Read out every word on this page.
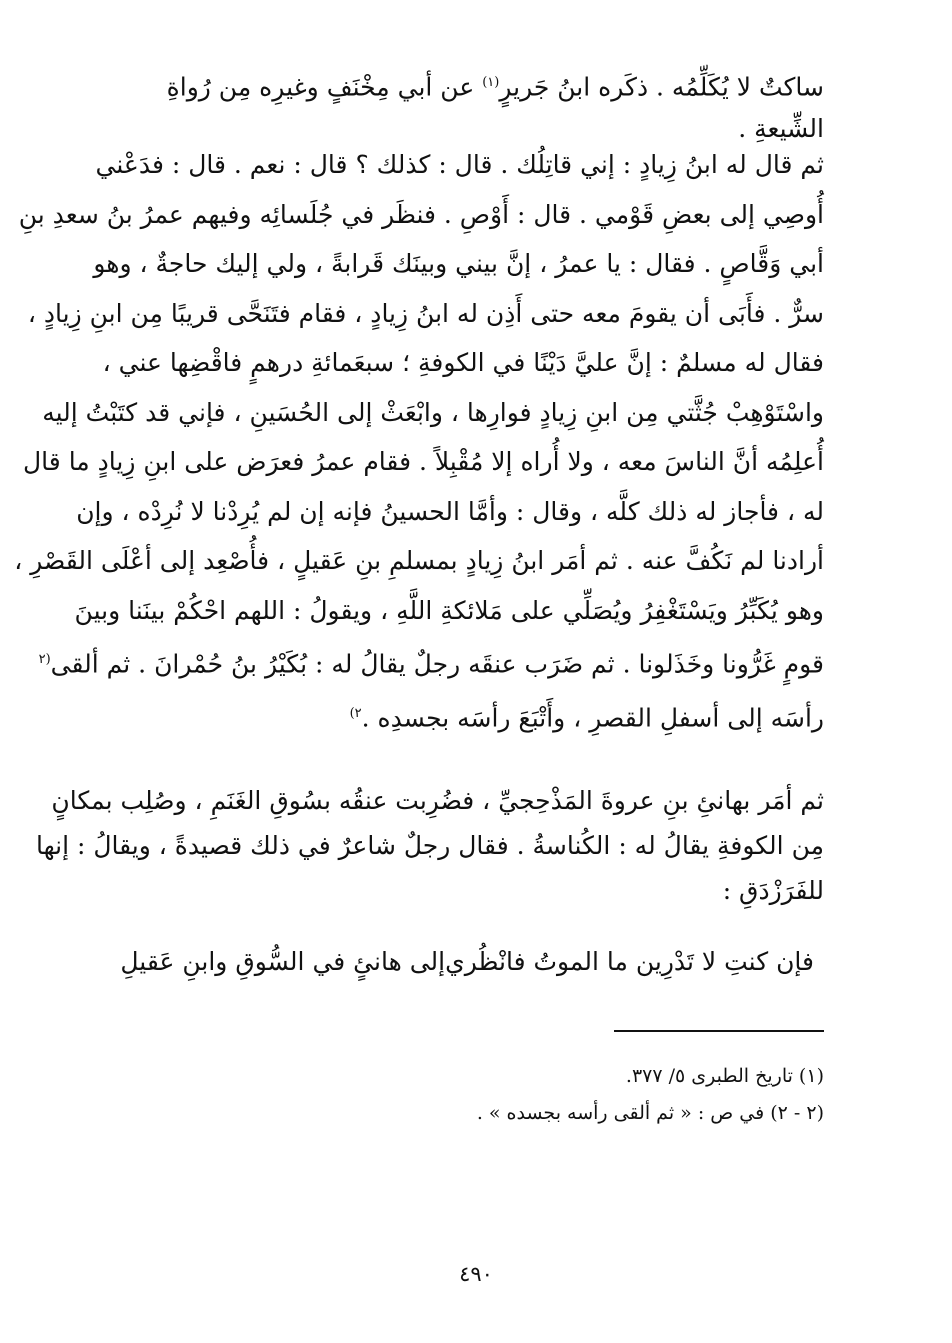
ساكتٌ لا يُكَلِّمُه . ذكَره ابنُ جَريرٍ$^{(١)}$ عن أبي مِخْنَفٍ وغيرِه مِن رُواةِ

الشِّيعةِ .

ثم قال له ابنُ زِيادٍ : إني قاتِلُك . قال : كذلك ؟ قال : نعم . قال : فدَعْني

أُوصِي إلى بعضِ قَوْمي . قال : أَوْصِ . فنظَر في جُلَسائِه وفيهم عمرُ بنُ سعدِ بنِ

أبي وَقَّاصٍ . فقال : يا عمرُ ، إنَّ بيني وبينَك قَرابةً ، ولي إليك حاجةٌ ، وهو

سرٌّ . فأَبَى أن يقومَ معه حتى أَذِن له ابنُ زِيادٍ ، فقام فتَنَحَّى قريبًا مِن ابنِ زِيادٍ ،

فقال له مسلمٌ : إنَّ عليَّ دَيْنًا في الكوفةِ ؛ سبعَمائةِ درهمٍ فاقْضِها عني ،

واسْتَوْهِبْ جُثَّتي مِن ابنِ زِيادٍ فوارِها ، وابْعَثْ إلى الحُسَينِ ، فإني قد كتَبْتُ إليه

أُعلِمُه أنَّ الناسَ معه ، ولا أُراه إلا مُقْبِلاً . فقام عمرُ فعرَض على ابنِ زِيادٍ ما قال

له ، فأجاز له ذلك كلَّه ، وقال : وأمَّا الحسينُ فإنه إن لم يُرِدْنا لا نُرِدْه ، وإن

أرادنا لم نَكُفَّ عنه . ثم أمَر ابنُ زِيادٍ بمسلمِ بنِ عَقيلٍ ، فأُصْعِد إلى أعْلَى القَصْرِ ،

وهو يُكَبِّرُ ويَسْتَغْفِرُ ويُصَلِّي على مَلائكةِ اللَّهِ ، ويقولُ : اللهم احْكُمْ بينَنا وبينَ

قومٍ غَرُّونا وخَذَلونا . ثم ضَرَب عنقَه رجلٌ يقالُ له : بُكَيْرُ بنُ حُمْرانَ . ثم ألقى$^{(٢}$

رأسَه إلى أسفلِ القصرِ ، وأَتْبَعَ رأسَه بجسدِه .$^{٢)}$

ثم أمَر بهانئِ بنِ عروةَ المَذْحِجيِّ ، فضُرِبت عنقُه بسُوقِ الغَنَمِ ، وصُلِب بمكانٍ

مِن الكوفةِ يقالُ له : الكُناسةُ . فقال رجلٌ شاعرٌ في ذلك قصيدةً ، ويقالُ : إنها

للفَرَزْدَقِ :

فإن كنتِ لا تَدْرِين ما الموتُ فانْظُري
إلى هانئٍ في السُّوقِ وابنِ عَقيلِ

(١) تاريخ الطبرى ٥/ ٣٧٧.

(٢ - ٢) في ص : « ثم ألقى رأسه بجسده » .

٤٩٠
